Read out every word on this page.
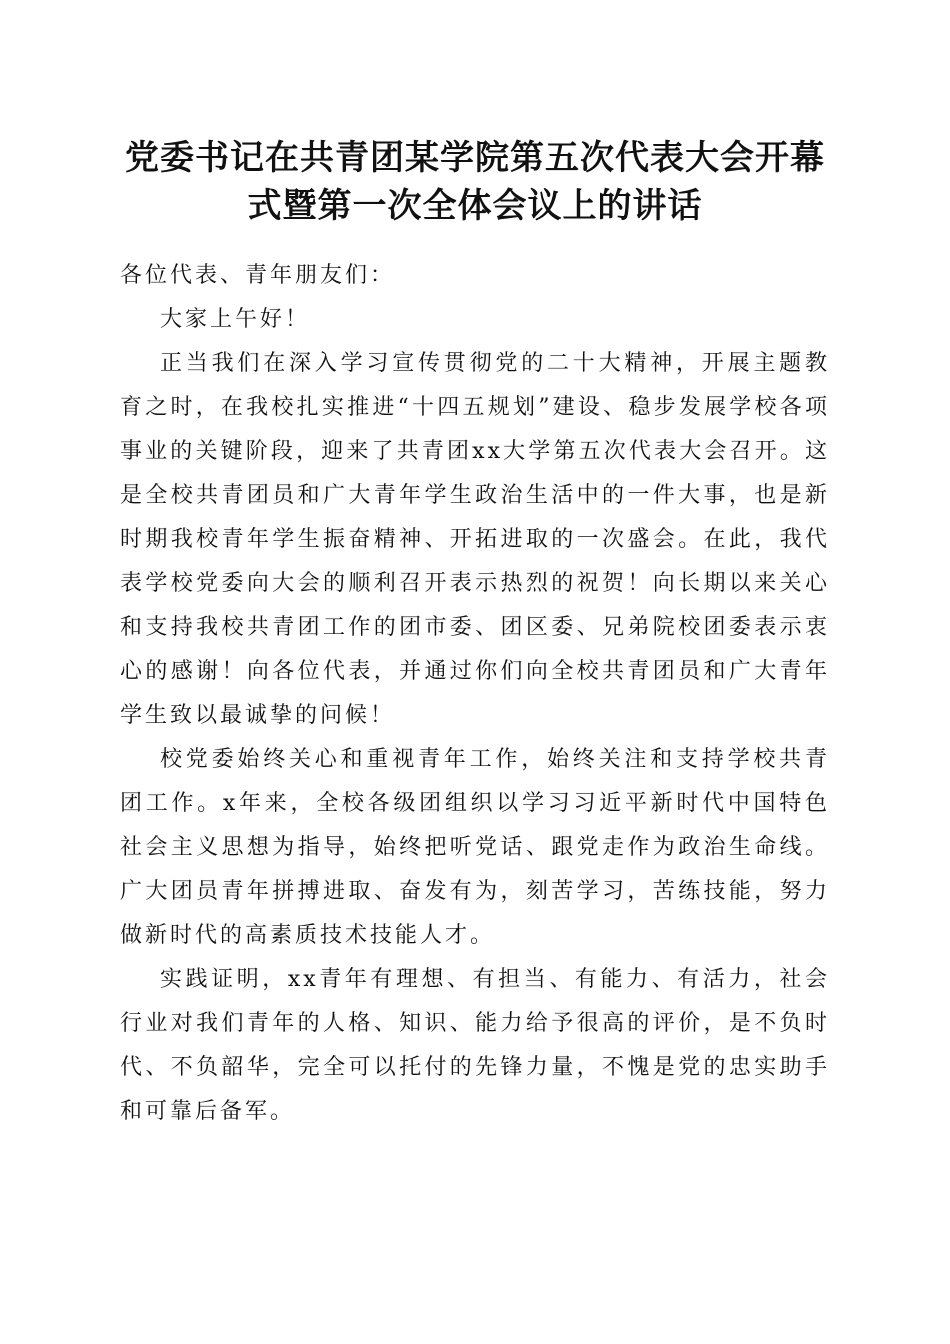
党委书记在共青团某学院第五次代表大会开幕
式暨第一次全体会议上的讲话

各位代表、青年朋友们：

大家上午好！

正当我们在深入学习宣传贯彻党的二十大精神，开展主题教育之时，在我校扎实推进“十四五规划”建设、稳步发展学校各项事业的关键阶段，迎来了共青团xx大学第五次代表大会召开。这是全校共青团员和广大青年学生政治生活中的一件大事，也是新时期我校青年学生振奋精神、开拓进取的一次盛会。在此，我代表学校党委向大会的顺利召开表示热烈的祝贺！向长期以来关心和支持我校共青团工作的团市委、团区委、兄弟院校团委表示衷心的感谢！向各位代表，并通过你们向全校共青团员和广大青年学生致以最诚挚的问候！

校党委始终关心和重视青年工作，始终关注和支持学校共青团工作。x年来，全校各级团组织以学习习近平新时代中国特色社会主义思想为指导，始终把听党话、跟党走作为政治生命线。广大团员青年拼搏进取、奋发有为，刻苦学习，苦练技能，努力做新时代的高素质技术技能人才。

实践证明，xx青年有理想、有担当、有能力、有活力，社会行业对我们青年的人格、知识、能力给予很高的评价，是不负时代、不负韶华，完全可以托付的先锋力量，不愧是党的忠实助手和可靠后备军。
